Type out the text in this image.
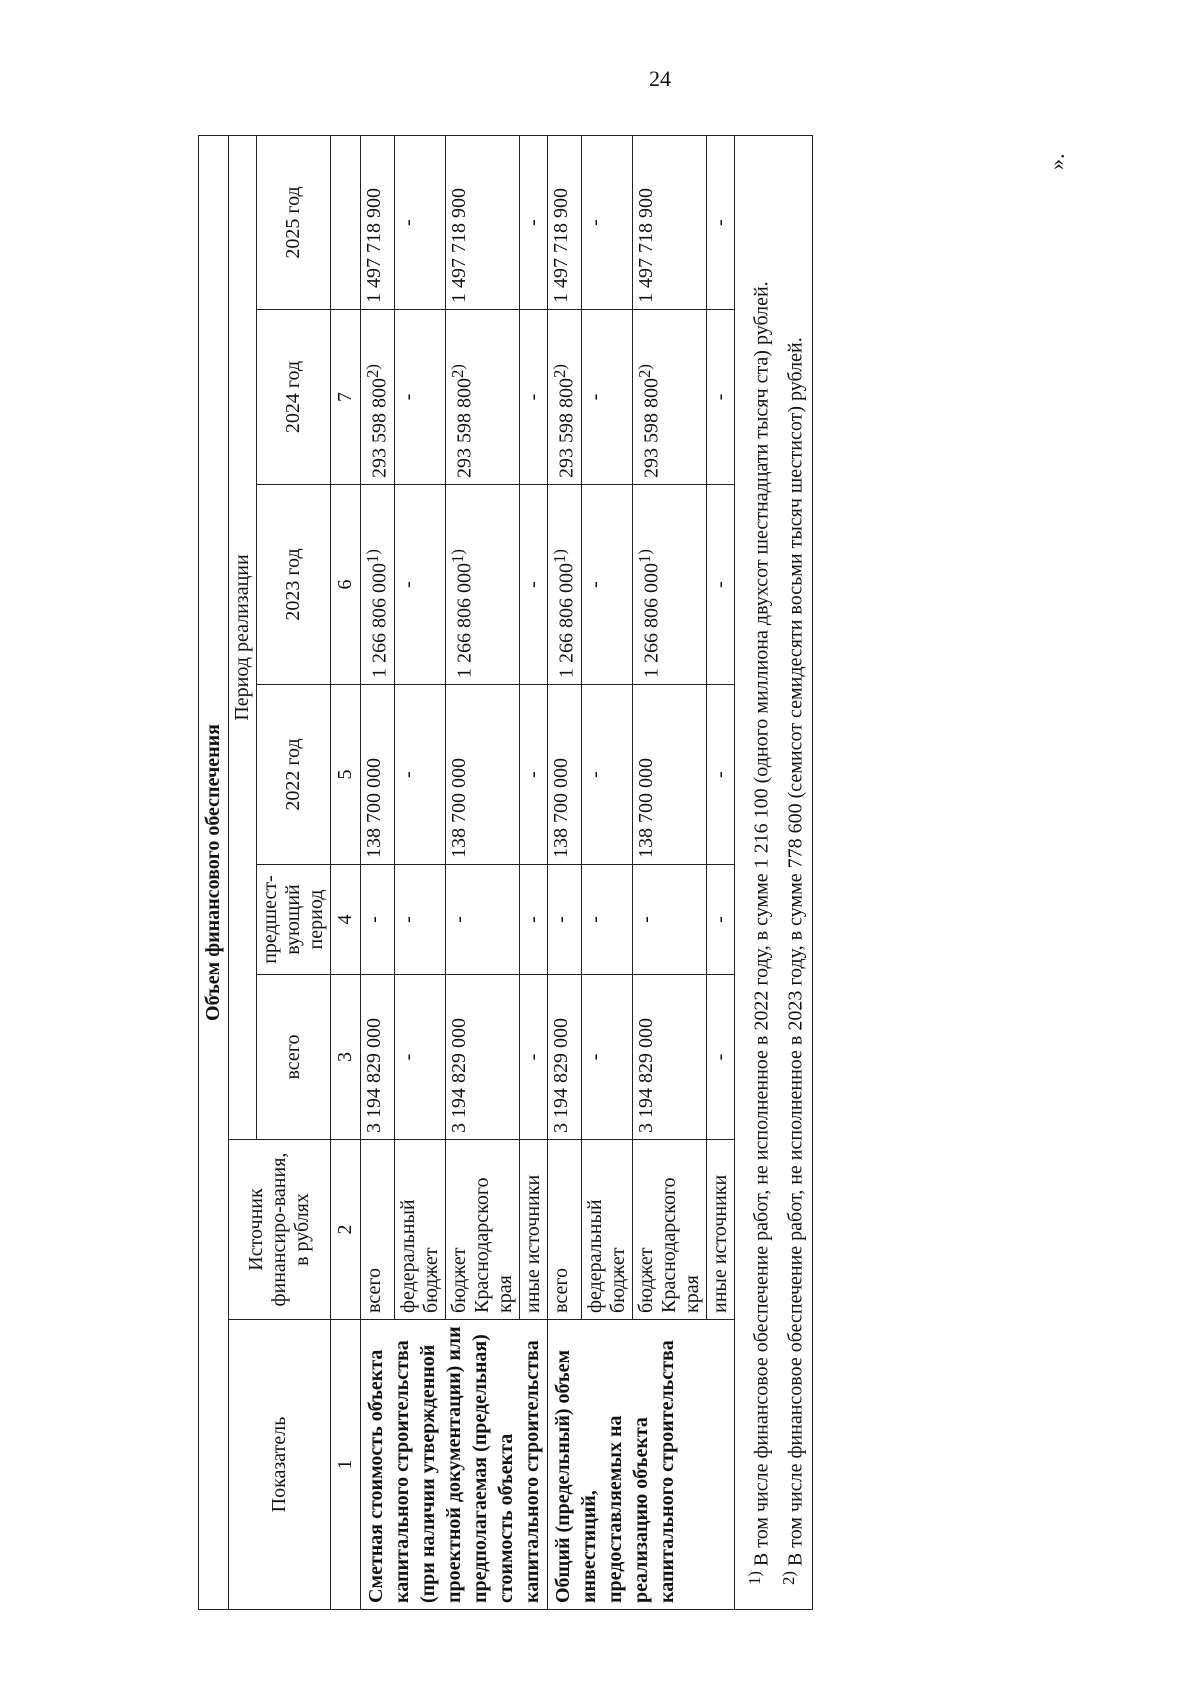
24
Объем финансового обеспечения							
Показатель	Источник финансиро-вания, в рублях	Период реализации					
		всего	предшест-вующий период	2022 год	2023 год	2024 год	2025 год
1	2	3	4	5	6	7	
Сметная стоимость объекта капитального строительства (при наличии утвержденной проектной документации) или предполагаемая (предельная) стоимость объекта капитального строительства	всего	3 194 829 000	-	138 700 000	1 266 806 000$^{1)}$	293 598 800$^{2)}$	1 497 718 900
	федеральный бюджет	-	-	-	-	-	-
	бюджет Краснодарского края	3 194 829 000	-	138 700 000	1 266 806 000$^{1)}$	293 598 800$^{2)}$	1 497 718 900
	иные источники	-	-	-	-	-	-
Общий (предельный) объем инвестиций, предоставляемых на реализацию объекта капитального строительства	всего	3 194 829 000	-	138 700 000	1 266 806 000$^{1)}$	293 598 800$^{2)}$	1 497 718 900
	федеральный бюджет	-	-	-	-	-	-
	бюджет Краснодарского края	3 194 829 000	-	138 700 000	1 266 806 000$^{1)}$	293 598 800$^{2)}$	1 497 718 900
	иные источники	-	-	-	-	-	-

$^{1)}$ В том числе финансовое обеспечение работ, не исполненное в 2022 году, в сумме 1 216 100 (одного миллиона двухсот шестнадцати тысяч ста) рублей.

$^{2)}$ В том числе финансовое обеспечение работ, не исполненное в 2023 году, в сумме 778 600 (семисот семидесяти восьми тысяч шестисот) рублей.							

».
